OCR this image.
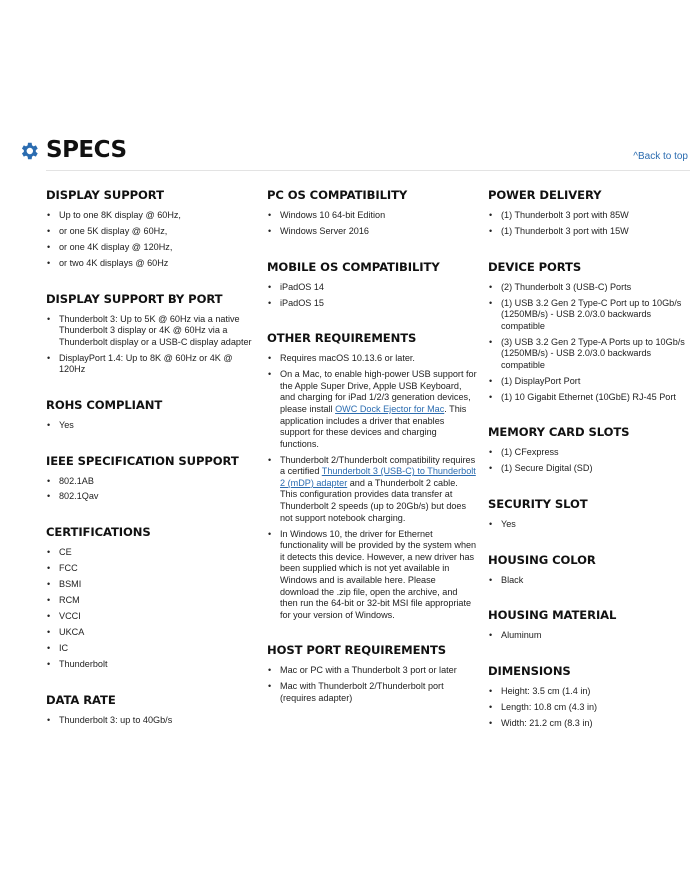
SPECS	^Back to top
DISPLAY SUPPORT
• Up to one 8K display @ 60Hz,
• or one 5K display @ 60Hz,
• or one 4K display @ 120Hz,
• or two 4K displays @ 60Hz
DISPLAY SUPPORT BY PORT
• Thunderbolt 3: Up to 5K @ 60Hz via a native Thunderbolt 3 display or 4K @ 60Hz via a Thunderbolt display or a USB-C display adapter
• DisplayPort 1.4: Up to 8K @ 60Hz or 4K @ 120Hz
ROHS COMPLIANT
• Yes
IEEE SPECIFICATION SUPPORT
• 802.1AB
• 802.1Qav
CERTIFICATIONS
• CE
• FCC
• BSMI
• RCM
• VCCI
• UKCA
• IC
• Thunderbolt
DATA RATE
• Thunderbolt 3: up to 40Gb/s
PC OS COMPATIBILITY
• Windows 10 64-bit Edition
• Windows Server 2016
MOBILE OS COMPATIBILITY
• iPadOS 14
• iPadOS 15
OTHER REQUIREMENTS
• Requires macOS 10.13.6 or later.
• On a Mac, to enable high-power USB support for the Apple Super Drive, Apple USB Keyboard, and charging for iPad 1/2/3 generation devices, please install OWC Dock Ejector for Mac. This application includes a driver that enables support for these devices and charging functions.
• Thunderbolt 2/Thunderbolt compatibility requires a certified Thunderbolt 3 (USB-C) to Thunderbolt 2 (mDP) adapter and a Thunderbolt 2 cable. This configuration provides data transfer at Thunderbolt 2 speeds (up to 20Gb/s) but does not support notebook charging.
• In Windows 10, the driver for Ethernet functionality will be provided by the system when it detects this device. However, a new driver has been supplied which is not yet available in Windows and is available here. Please download the .zip file, open the archive, and then run the 64-bit or 32-bit MSI file appropriate for your version of Windows.
HOST PORT REQUIREMENTS
• Mac or PC with a Thunderbolt 3 port or later
• Mac with Thunderbolt 2/Thunderbolt port (requires adapter)
POWER DELIVERY
• (1) Thunderbolt 3 port with 85W
• (1) Thunderbolt 3 port with 15W
DEVICE PORTS
• (2) Thunderbolt 3 (USB-C) Ports
• (1) USB 3.2 Gen 2 Type-C Port up to 10Gb/s (1250MB/s) - USB 2.0/3.0 backwards compatible
• (3) USB 3.2 Gen 2 Type-A Ports up to 10Gb/s (1250MB/s) - USB 2.0/3.0 backwards compatible
• (1) DisplayPort Port
• (1) 10 Gigabit Ethernet (10GbE) RJ-45 Port
MEMORY CARD SLOTS
• (1) CFexpress
• (1) Secure Digital (SD)
SECURITY SLOT
• Yes
HOUSING COLOR
• Black
HOUSING MATERIAL
• Aluminum
DIMENSIONS
• Height: 3.5 cm (1.4 in)
• Length: 10.8 cm (4.3 in)
• Width: 21.2 cm (8.3 in)
